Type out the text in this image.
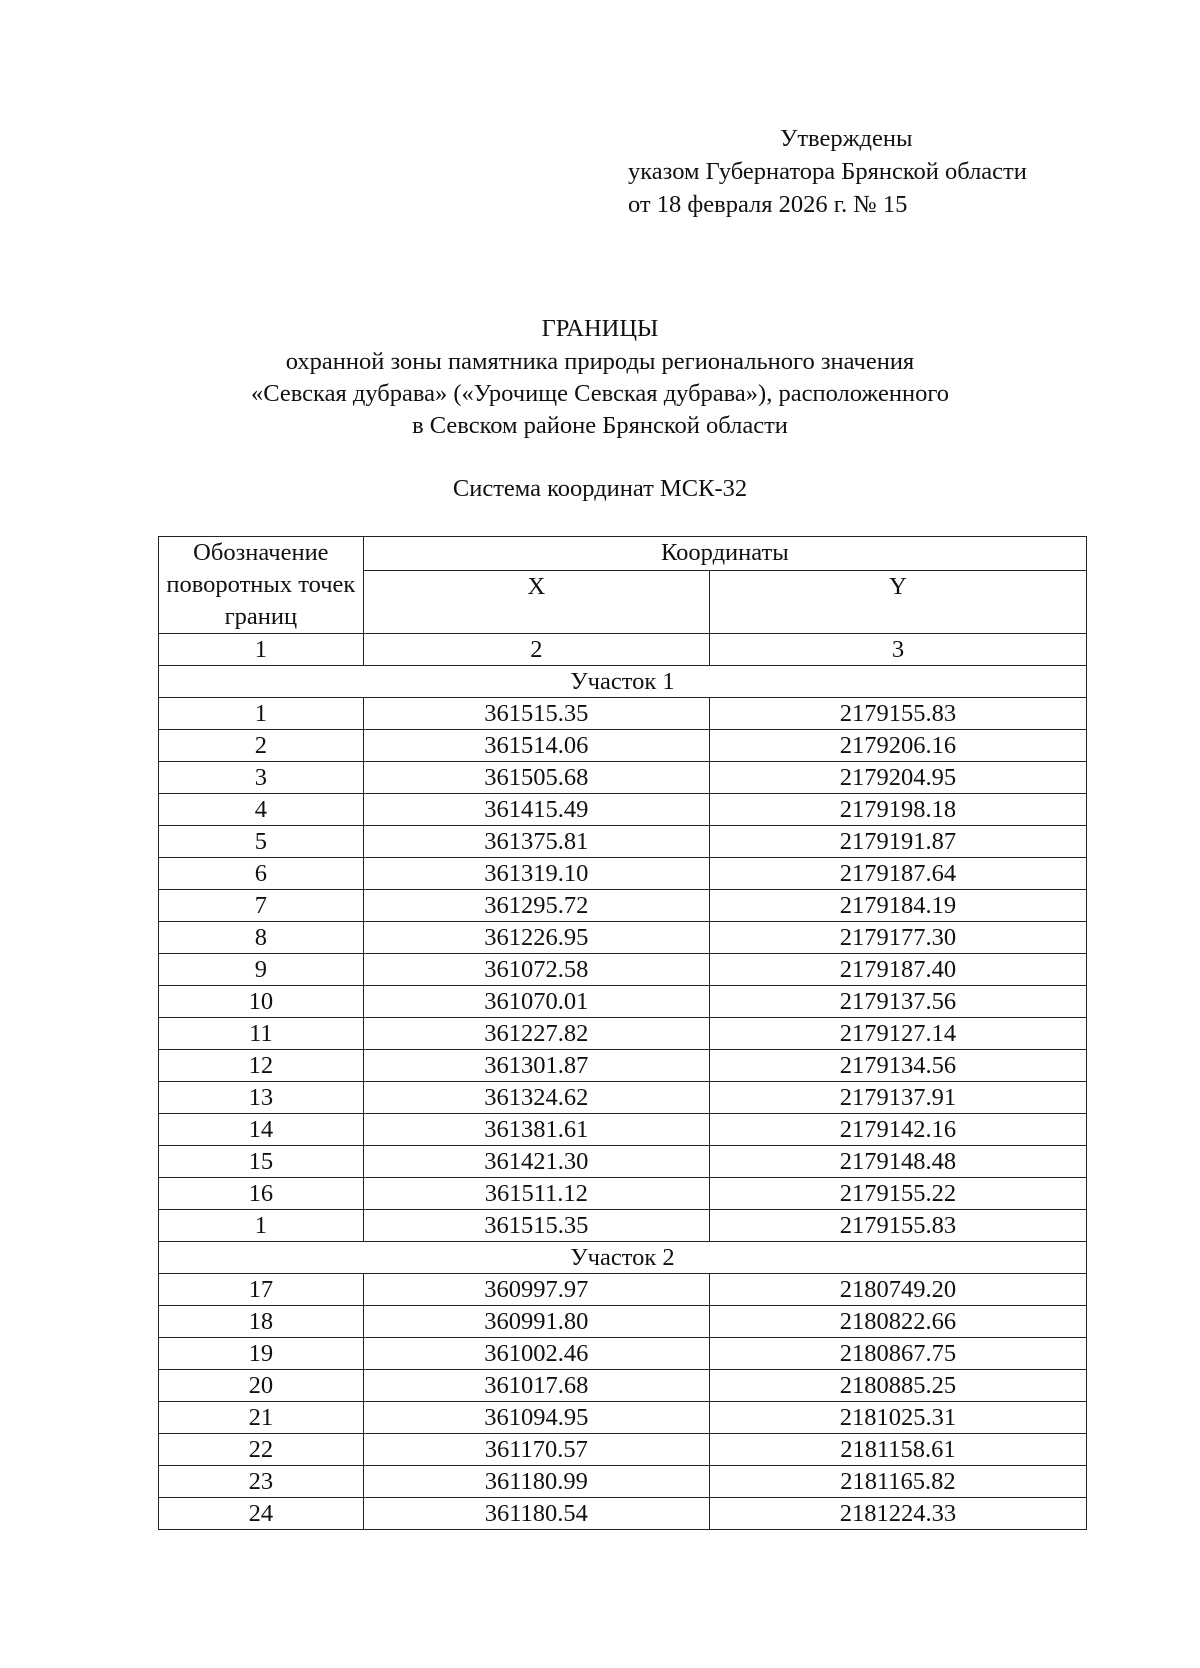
Утверждены
указом Губернатора Брянской области
от 18 февраля 2026 г. № 15
ГРАНИЦЫ
охранной зоны памятника природы регионального значения
«Севская дубрава» («Урочище Севская дубрава»), расположенного
в Севском районе Брянской области
Система координат МСК-32
Обозначение поворотных точек границ	Координаты	
	X	Y
1	2	3
Участок 1		
1	361515.35	2179155.83
2	361514.06	2179206.16
3	361505.68	2179204.95
4	361415.49	2179198.18
5	361375.81	2179191.87
6	361319.10	2179187.64
7	361295.72	2179184.19
8	361226.95	2179177.30
9	361072.58	2179187.40
10	361070.01	2179137.56
11	361227.82	2179127.14
12	361301.87	2179134.56
13	361324.62	2179137.91
14	361381.61	2179142.16
15	361421.30	2179148.48
16	361511.12	2179155.22
1	361515.35	2179155.83
Участок 2		
17	360997.97	2180749.20
18	360991.80	2180822.66
19	361002.46	2180867.75
20	361017.68	2180885.25
21	361094.95	2181025.31
22	361170.57	2181158.61
23	361180.99	2181165.82
24	361180.54	2181224.33
